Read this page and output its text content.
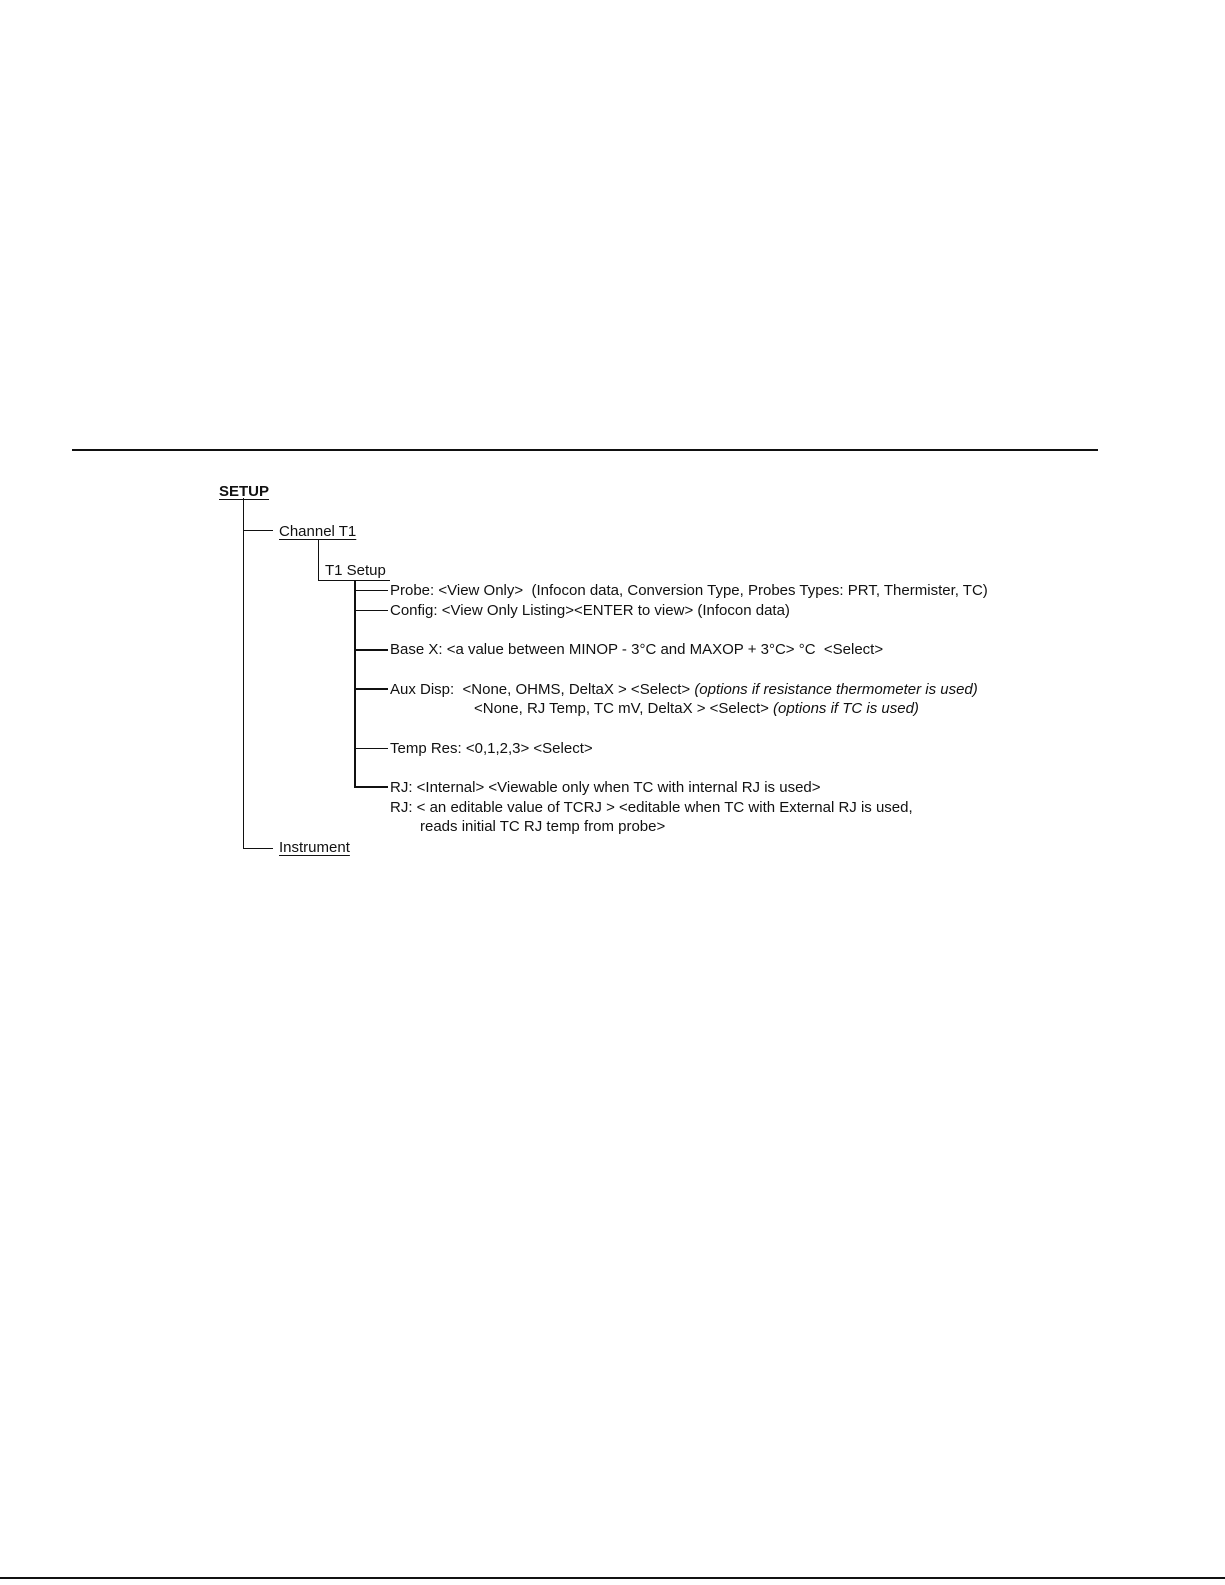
SETUP
Channel T1
T1 Setup
Instrument
Probe: <View Only>  (Infocon data, Conversion Type, Probes Types: PRT, Thermister, TC)
Config: <View Only Listing><ENTER to view> (Infocon data)
Base X: <a value between MINOP - 3°C and MAXOP + 3°C> °C  <Select>
Aux Disp:  <None, OHMS, DeltaX > <Select> (options if resistance thermometer is used)
<None, RJ Temp, TC mV, DeltaX > <Select> (options if TC is used)
Temp Res: <0,1,2,3> <Select>
RJ: <Internal> <Viewable only when TC with internal RJ is used>
RJ: < an editable value of TCRJ > <editable when TC with External RJ is used,
reads initial TC RJ temp from probe>
